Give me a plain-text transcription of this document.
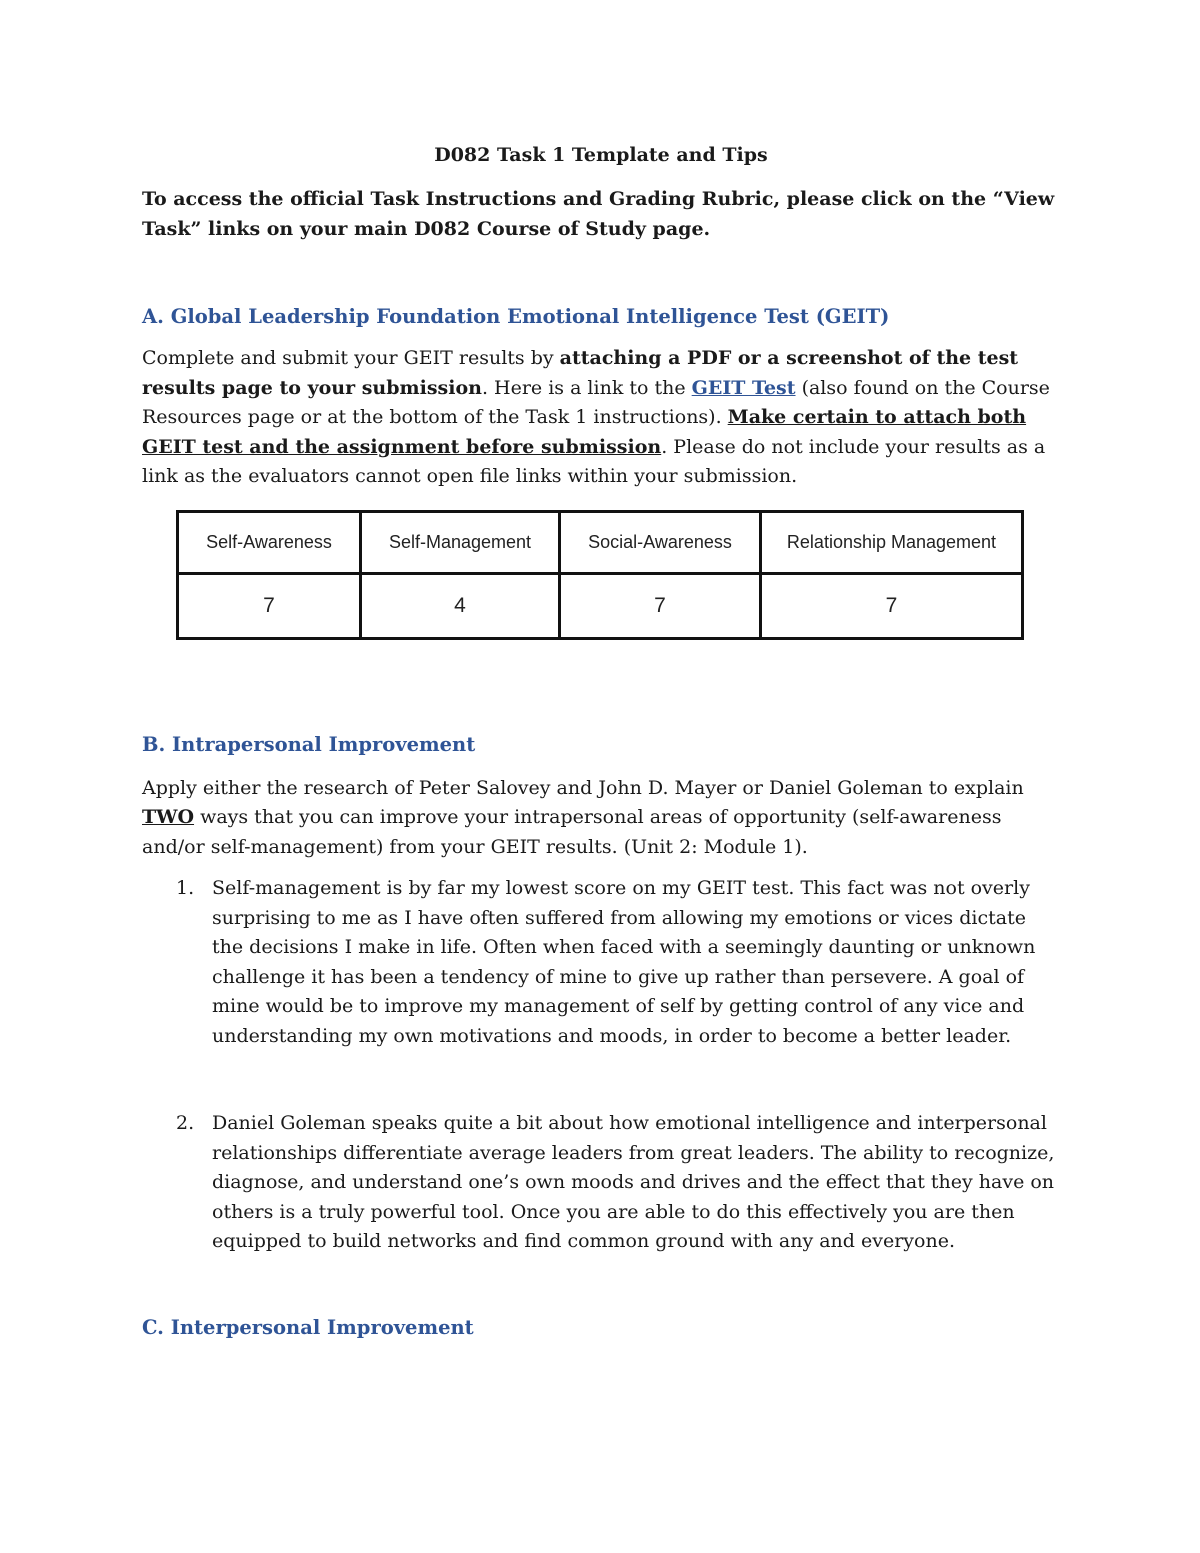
D082 Task 1 Template and Tips

To access the official Task Instructions and Grading Rubric, please click on the “View Task” links on your main D082 Course of Study page.

A. Global Leadership Foundation Emotional Intelligence Test (GEIT)

Complete and submit your GEIT results by attaching a PDF or a screenshot of the test results page to your submission. Here is a link to the GEIT Test (also found on the Course Resources page or at the bottom of the Task 1 instructions). Make certain to attach both GEIT test and the assignment before submission. Please do not include your results as a link as the evaluators cannot open file links within your submission.

Self-Awareness	Self-Management	Social-Awareness	Relationship Management
7	4	7	7

B. Intrapersonal Improvement

Apply either the research of Peter Salovey and John D. Mayer or Daniel Goleman to explain TWO ways that you can improve your intrapersonal areas of opportunity (self-awareness and/or self-management) from your GEIT results. (Unit 2: Module 1).

1. Self-management is by far my lowest score on my GEIT test. This fact was not overly surprising to me as I have often suffered from allowing my emotions or vices dictate the decisions I make in life. Often when faced with a seemingly daunting or unknown challenge it has been a tendency of mine to give up rather than persevere. A goal of mine would be to improve my management of self by getting control of any vice and understanding my own motivations and moods, in order to become a better leader.
2. Daniel Goleman speaks quite a bit about how emotional intelligence and interpersonal relationships differentiate average leaders from great leaders. The ability to recognize, diagnose, and understand one’s own moods and drives and the effect that they have on others is a truly powerful tool. Once you are able to do this effectively you are then equipped to build networks and find common ground with any and everyone.

C. Interpersonal Improvement
